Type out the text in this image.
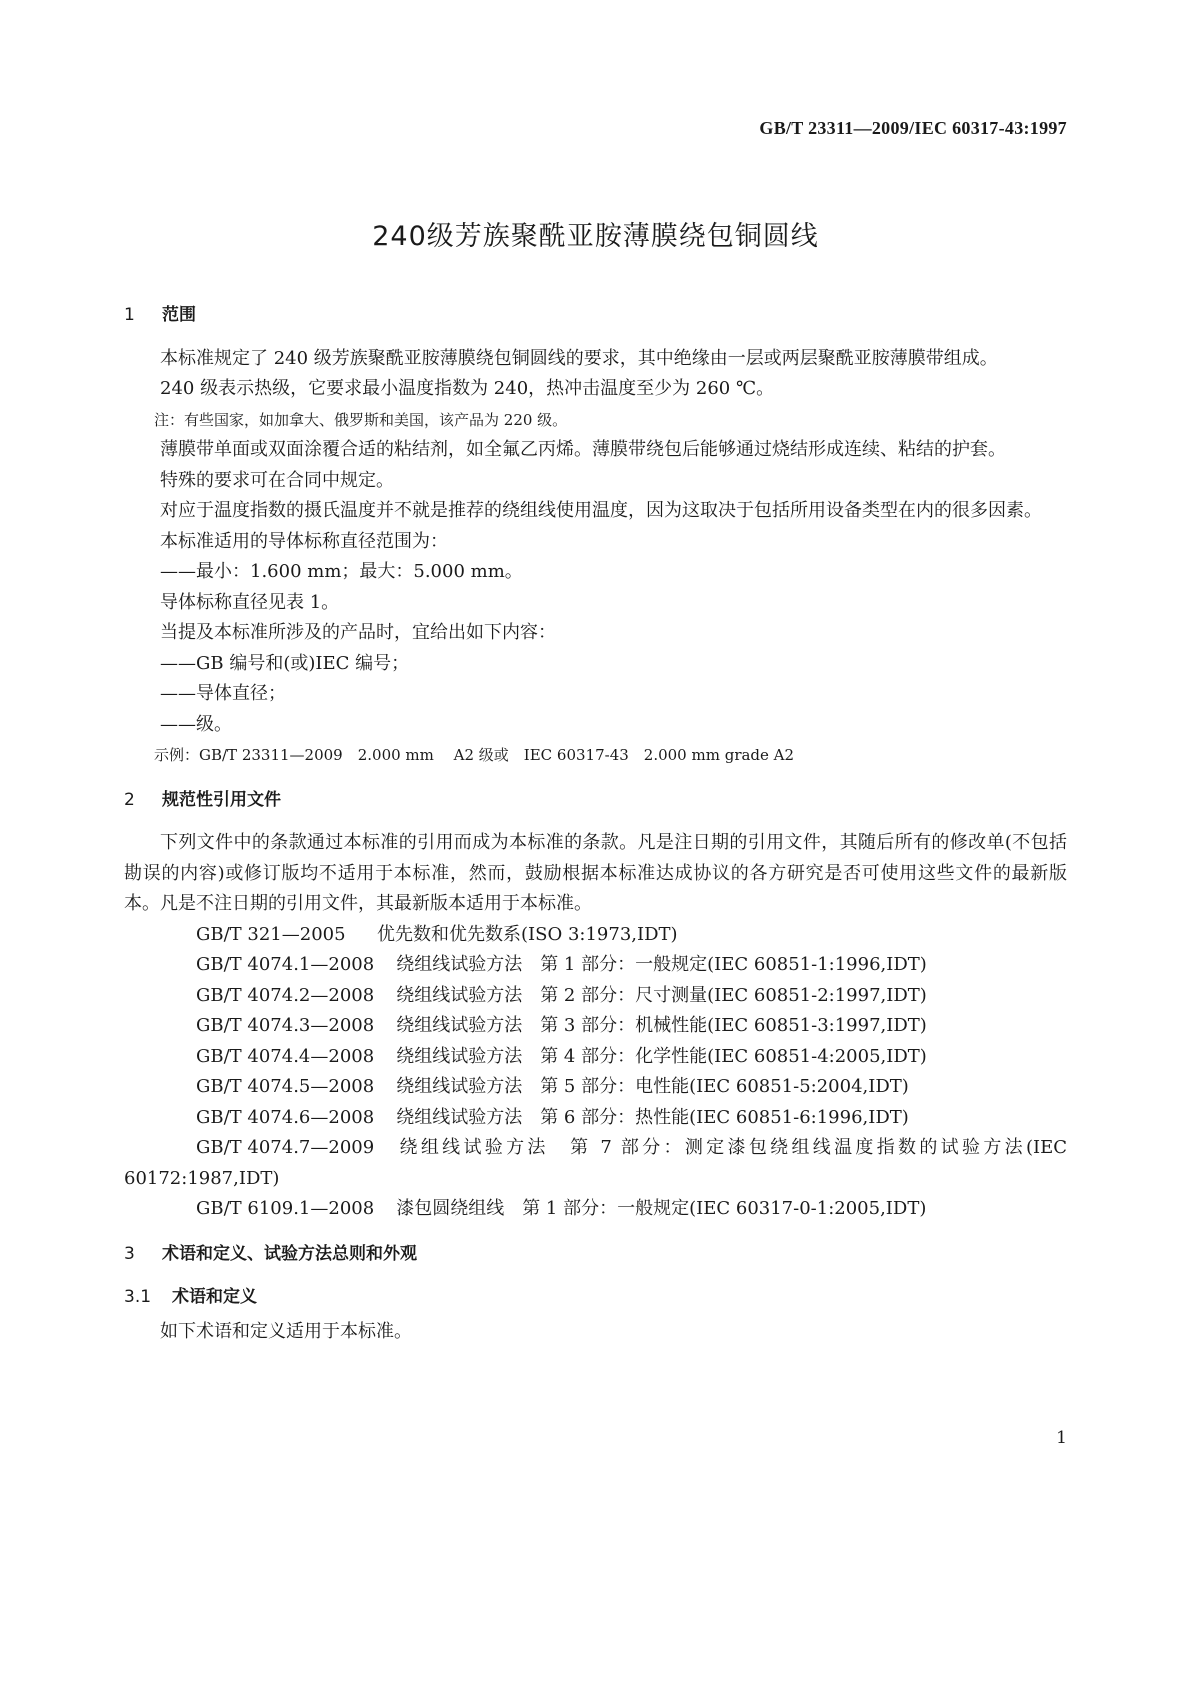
GB/T 23311—2009/IEC 60317-43:1997
240级芳族聚酰亚胺薄膜绕包铜圆线
1 范围

本标准规定了 240 级芳族聚酰亚胺薄膜绕包铜圆线的要求，其中绝缘由一层或两层聚酰亚胺薄膜带组成。

240 级表示热级，它要求最小温度指数为 240，热冲击温度至少为 260 ℃。

注：有些国家，如加拿大、俄罗斯和美国，该产品为 220 级。

薄膜带单面或双面涂覆合适的粘结剂，如全氟乙丙烯。薄膜带绕包后能够通过烧结形成连续、粘结的护套。

特殊的要求可在合同中规定。

对应于温度指数的摄氏温度并不就是推荐的绕组线使用温度，因为这取决于包括所用设备类型在内的很多因素。

本标准适用的导体标称直径范围为：

——最小：1.600 mm；最大：5.000 mm。

导体标称直径见表 1。

当提及本标准所涉及的产品时，宜给出如下内容：

——GB 编号和(或)IEC 编号；

——导体直径；

——级。

示例：GB/T 23311—2009　2.000 mm　 A2 级或　IEC 60317-43　2.000 mm grade A2

2 规范性引用文件

下列文件中的条款通过本标准的引用而成为本标准的条款。凡是注日期的引用文件，其随后所有的修改单(不包括勘误的内容)或修订版均不适用于本标准，然而，鼓励根据本标准达成协议的各方研究是否可使用这些文件的最新版本。凡是不注日期的引用文件，其最新版本适用于本标准。

GB/T 321—2005 优先数和优先数系(ISO 3:1973,IDT)

GB/T 4074.1—2008 绕组线试验方法　第 1 部分：一般规定(IEC 60851-1:1996,IDT)

GB/T 4074.2—2008 绕组线试验方法　第 2 部分：尺寸测量(IEC 60851-2:1997,IDT)

GB/T 4074.3—2008 绕组线试验方法　第 3 部分：机械性能(IEC 60851-3:1997,IDT)

GB/T 4074.4—2008 绕组线试验方法　第 4 部分：化学性能(IEC 60851-4:2005,IDT)

GB/T 4074.5—2008 绕组线试验方法　第 5 部分：电性能(IEC 60851-5:2004,IDT)

GB/T 4074.6—2008 绕组线试验方法　第 6 部分：热性能(IEC 60851-6:1996,IDT)

GB/T 4074.7—2009 绕组线试验方法　第 7 部分：测定漆包绕组线温度指数的试验方法(IEC 60172:1987,IDT)

GB/T 6109.1—2008 漆包圆绕组线　第 1 部分：一般规定(IEC 60317-0-1:2005,IDT)

3 术语和定义、试验方法总则和外观
3.1 术语和定义

如下术语和定义适用于本标准。

1
